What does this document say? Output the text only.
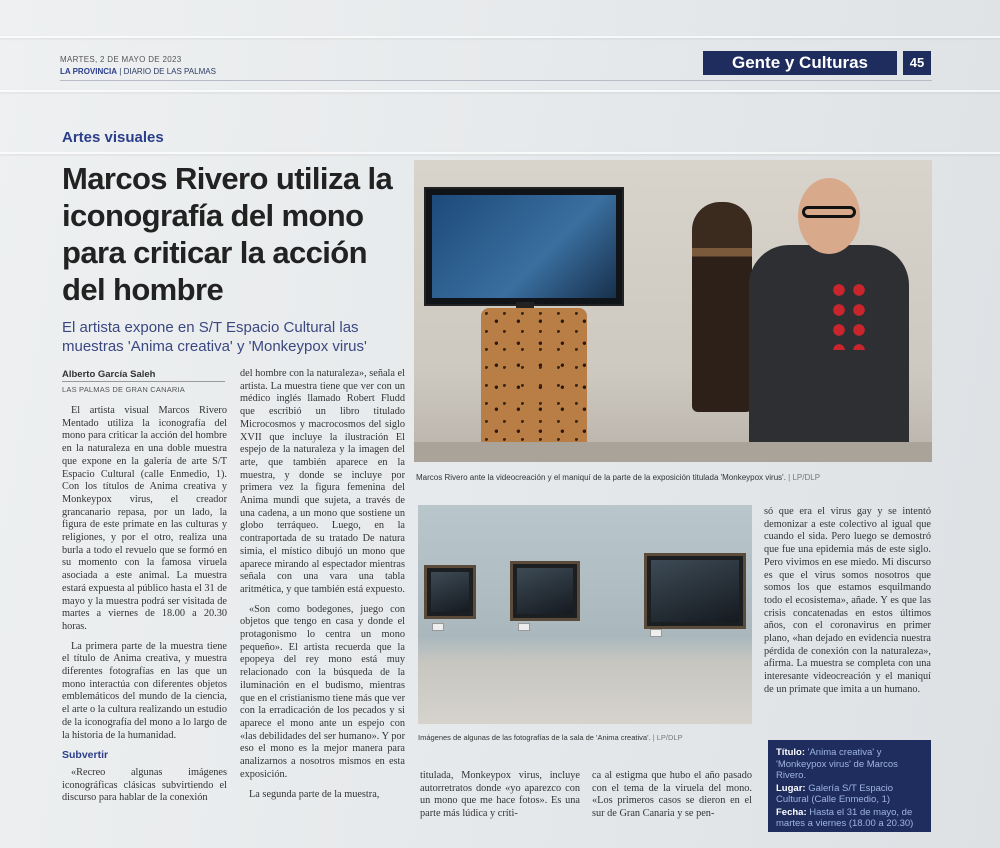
MARTES, 2 DE MAYO DE 2023
LA PROVINCIA | DIARIO DE LAS PALMAS	Gente y Culturas	45
Artes visuales
Marcos Rivero utiliza la iconografía del mono para criticar la acción del hombre
El artista expone en S/T Espacio Cultural las muestras 'Anima creativa' y 'Monkeypox virus'
Alberto García Saleh
LAS PALMAS DE GRAN CANARIA

El artista visual Marcos Rivero Mentado utiliza la iconografía del mono para criticar la acción del hombre en la naturaleza en una doble muestra que expone en la galería de arte S/T Espacio Cultural (calle Enmedio, 1). Con los títulos de Anima creativa y Monkeypox virus, el creador grancanario repasa, por un lado, la figura de este primate en las culturas y religiones, y por el otro, realiza una burla a todo el revuelo que se formó en su momento con la famosa viruela asociada a este animal. La muestra estará expuesta al público hasta el 31 de mayo y la muestra podrá ser visitada de martes a viernes de 18.00 a 20.30 horas.

La primera parte de la muestra tiene el título de Anima creativa, y muestra diferentes fotografías en las que un mono interactúa con diferentes objetos emblemáticos del mundo de la ciencia, el arte o la cultura realizando un estudio de la iconografía del mono a lo largo de la historia de la humanidad.

Subvertir

«Recreo algunas imágenes iconográficas clásicas subvirtiendo el discurso para hablar de la conexión

del hombre con la naturaleza», señala el artista. La muestra tiene que ver con un médico inglés llamado Robert Fludd que escribió un libro titulado Microcosmos y macrocosmos del siglo XVII que incluye la ilustración El espejo de la naturaleza y la imagen del arte, que también aparece en la muestra, y donde se incluye por primera vez la figura femenina del Anima mundi que sujeta, a través de una cadena, a un mono que sostiene un globo terráqueo. Luego, en la contraportada de su tratado De natura simia, el místico dibujó un mono que aparece mirando al espectador mientras señala con una vara una tabla aritmética, y que también está expuesto.

«Son como bodegones, juego con objetos que tengo en casa y donde el protagonismo lo centra un mono pequeño». El artista recuerda que la epopeya del rey mono está muy relacionado con la búsqueda de la iluminación en el budismo, mientras que en el cristianismo tiene más que ver con la erradicación de los pecados y si aparece el mono ante un espejo con «las debilidades del ser humano». Y por eso el mono es la mejor manera para analizarnos a nosotros mismos en esta exposición.

La segunda parte de la muestra,

Marcos Rivero ante la videocreación y el maniquí de la parte de la exposición titulada 'Monkeypox virus'. | LP/DLP
Imágenes de algunas de las fotografías de la sala de 'Anima creativa'. | LP/DLP

titulada, Monkeypox virus, incluye autorretratos donde «yo aparezco con un mono que me hace fotos». Es una parte más lúdica y críti-

ca al estigma que hubo el año pasado con el tema de la viruela del mono. «Los primeros casos se dieron en el sur de Gran Canaria y se pen-

só que era el virus gay y se intentó demonizar a este colectivo al igual que cuando el sida. Pero luego se demostró que fue una epidemia más de este siglo. Pero vivimos en ese miedo. Mi discurso es que el virus somos nosotros que somos los que estamos esquilmando todo el ecosistema», añade. Y es que las crisis concatenadas en estos últimos años, con el coronavirus en primer plano, «han dejado en evidencia nuestra pérdida de conexión con la naturaleza», afirma. La muestra se completa con una interesante videocreación y el maniquí de un primate que imita a un humano.

Título: 'Anima creativa' y 'Monkeypox virus' de Marcos Rivero.
Lugar: Galería S/T Espacio Cultural (Calle Enmedio, 1)
Fecha: Hasta el 31 de mayo, de martes a viernes (18.00 a 20.30)
